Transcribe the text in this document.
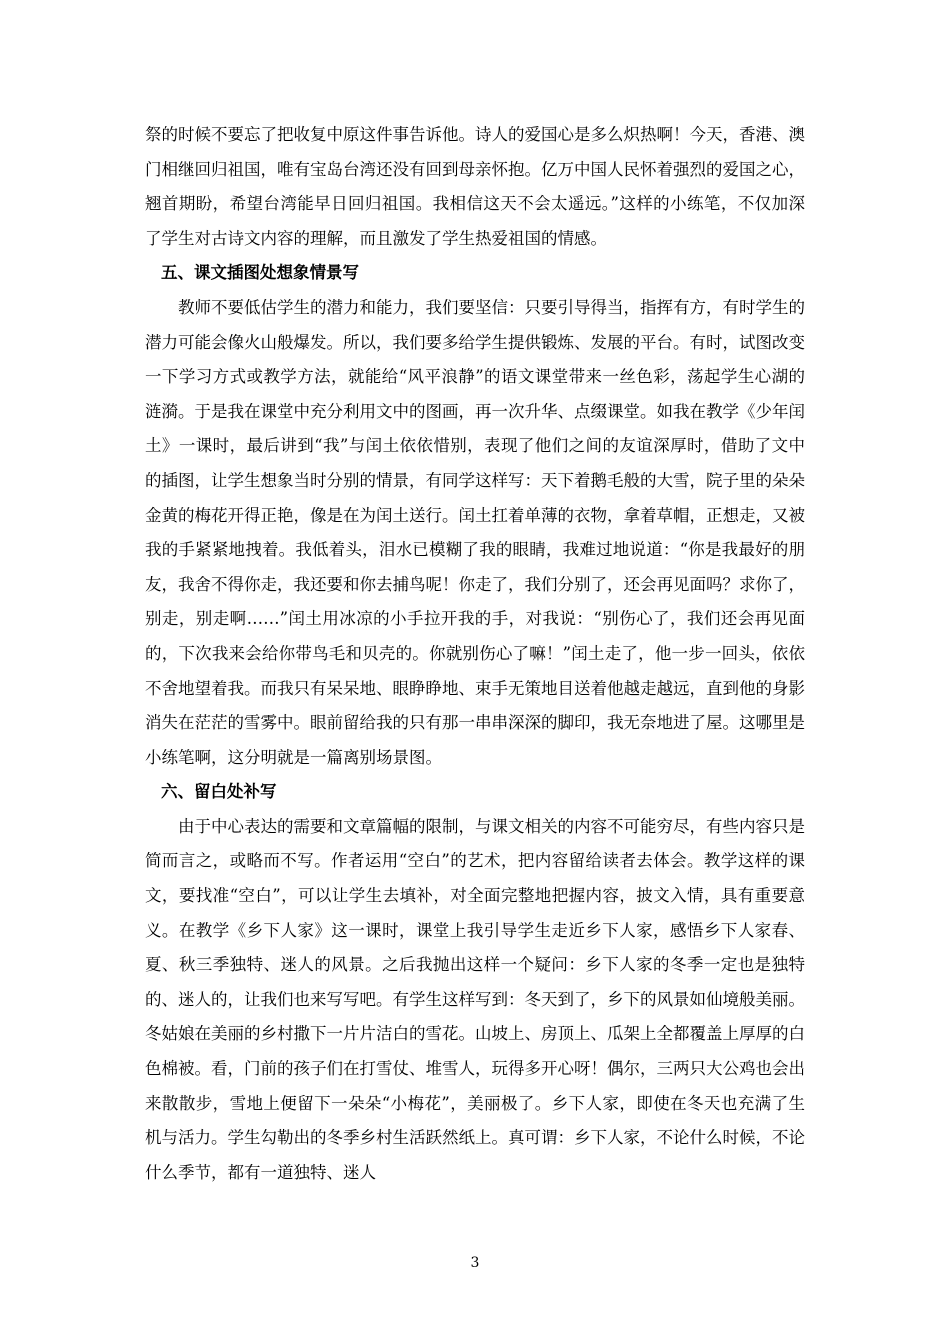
祭的时候不要忘了把收复中原这件事告诉他。诗人的爱国心是多么炽热啊！今天，香港、澳门相继回归祖国，唯有宝岛台湾还没有回到母亲怀抱。亿万中国人民怀着强烈的爱国之心，翘首期盼，希望台湾能早日回归祖国。我相信这天不会太遥远。”这样的小练笔，不仅加深了学生对古诗文内容的理解，而且激发了学生热爱祖国的情感。

五、课文插图处想象情景写

教师不要低估学生的潜力和能力，我们要坚信：只要引导得当，指挥有方，有时学生的潜力可能会像火山般爆发。所以，我们要多给学生提供锻炼、发展的平台。有时，试图改变一下学习方式或教学方法，就能给“风平浪静”的语文课堂带来一丝色彩，荡起学生心湖的涟漪。于是我在课堂中充分利用文中的图画，再一次升华、点缀课堂。如我在教学《少年闰土》一课时，最后讲到“我”与闰土依依惜别，表现了他们之间的友谊深厚时，借助了文中的插图，让学生想象当时分别的情景，有同学这样写：天下着鹅毛般的大雪，院子里的朵朵金黄的梅花开得正艳，像是在为闰土送行。闰土扛着单薄的衣物，拿着草帽，正想走，又被我的手紧紧地拽着。我低着头，泪水已模糊了我的眼睛，我难过地说道：“你是我最好的朋友，我舍不得你走，我还要和你去捕鸟呢！你走了，我们分别了，还会再见面吗？求你了，别走，别走啊……”闰土用冰凉的小手拉开我的手，对我说：“别伤心了，我们还会再见面的，下次我来会给你带鸟毛和贝壳的。你就别伤心了嘛！”闰土走了，他一步一回头，依依不舍地望着我。而我只有呆呆地、眼睁睁地、束手无策地目送着他越走越远，直到他的身影消失在茫茫的雪雾中。眼前留给我的只有那一串串深深的脚印，我无奈地进了屋。这哪里是小练笔啊，这分明就是一篇离别场景图。

六、留白处补写

由于中心表达的需要和文章篇幅的限制，与课文相关的内容不可能穷尽，有些内容只是简而言之，或略而不写。作者运用“空白”的艺术，把内容留给读者去体会。教学这样的课文，要找准“空白”，可以让学生去填补，对全面完整地把握内容，披文入情，具有重要意义。在教学《乡下人家》这一课时，课堂上我引导学生走近乡下人家，感悟乡下人家春、夏、秋三季独特、迷人的风景。之后我抛出这样一个疑问：乡下人家的冬季一定也是独特的、迷人的，让我们也来写写吧。有学生这样写到：冬天到了，乡下的风景如仙境般美丽。冬姑娘在美丽的乡村撒下一片片洁白的雪花。山坡上、房顶上、瓜架上全都覆盖上厚厚的白色棉被。看，门前的孩子们在打雪仗、堆雪人，玩得多开心呀！偶尔，三两只大公鸡也会出来散散步，雪地上便留下一朵朵“小梅花”，美丽极了。乡下人家，即使在冬天也充满了生机与活力。学生勾勒出的冬季乡村生活跃然纸上。真可谓：乡下人家，不论什么时候，不论什么季节，都有一道独特、迷人

3
